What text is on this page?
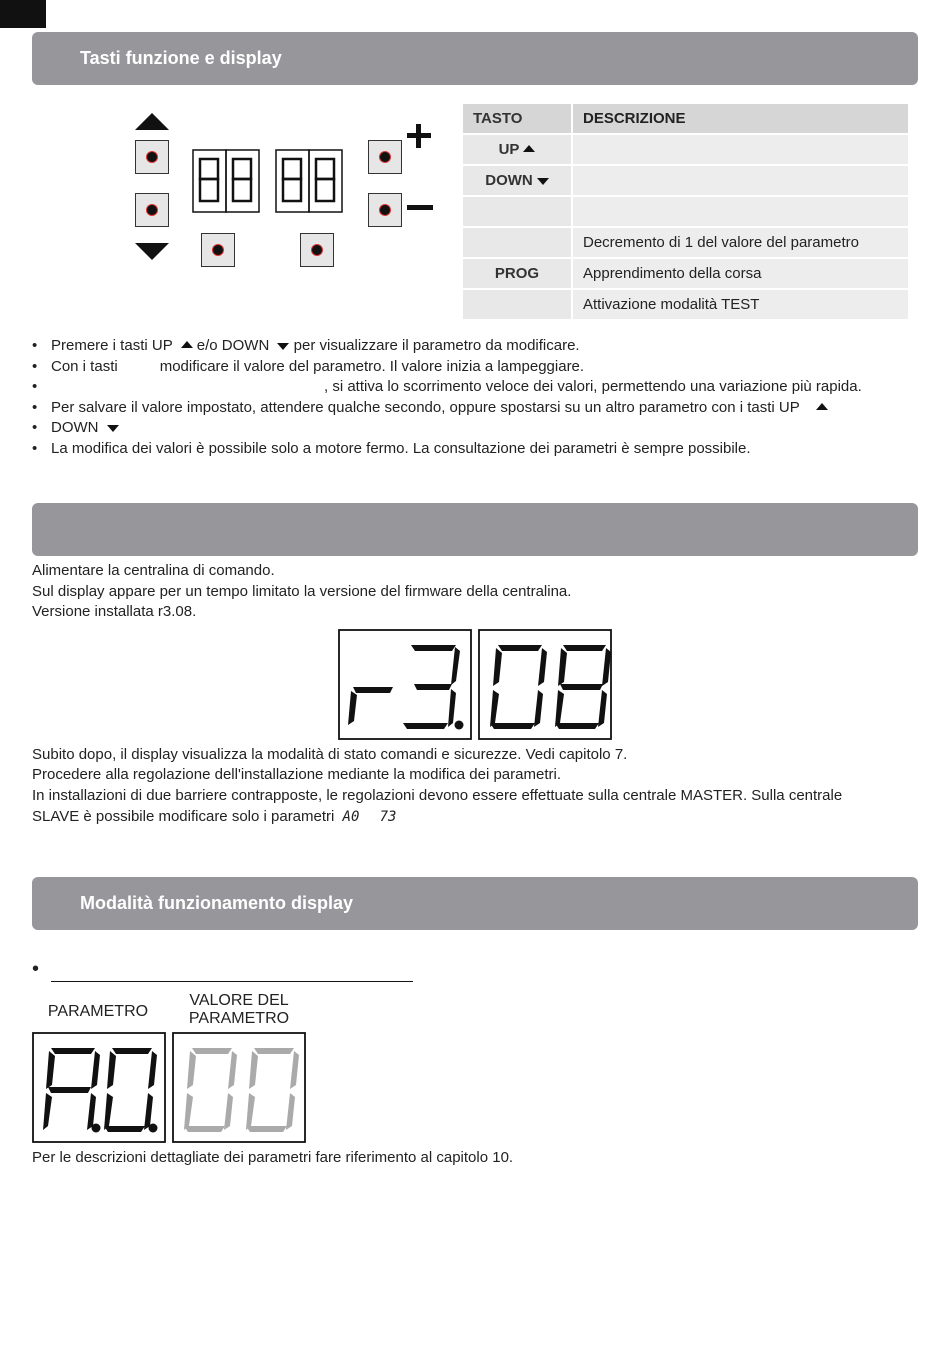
Tasti funzione e display
TASTO	DESCRIZIONE
UP	
DOWN	

	Decremento di 1 del valore del parametro
PROG	Apprendimento della corsa
	Attivazione modalità TEST
• Premere i tasti UP e/o DOWN per visualizzare il parametro da modificare.
• Con i tasti	modificare il valore del parametro. Il valore inizia a lampeggiare.
• , si attiva lo scorrimento veloce dei valori, permettendo una variazione più rapida.
• Per salvare il valore impostato, attendere qualche secondo, oppure spostarsi su un altro parametro con i tasti UP
• DOWN
• La modifica dei valori è possibile solo a motore fermo. La consultazione dei parametri è sempre possibile.

Alimentare la centralina di comando.

Sul display appare per un tempo limitato la versione del firmware della centralina.

Versione installata r3.08.

Subito dopo, il display visualizza la modalità di stato comandi e sicurezze. Vedi capitolo 7.

Procedere alla regolazione dell'installazione mediante la modifica dei parametri.

In installazioni di due barriere contrapposte, le regolazioni devono essere effettuate sulla centrale MASTER. Sulla centrale

SLAVE è possibile modificare solo i parametri A0 73

Modalità funzionamento display
•
PARAMETRO
VALORE DEL
PARAMETRO

Per le descrizioni dettagliate dei parametri fare riferimento al capitolo 10.
